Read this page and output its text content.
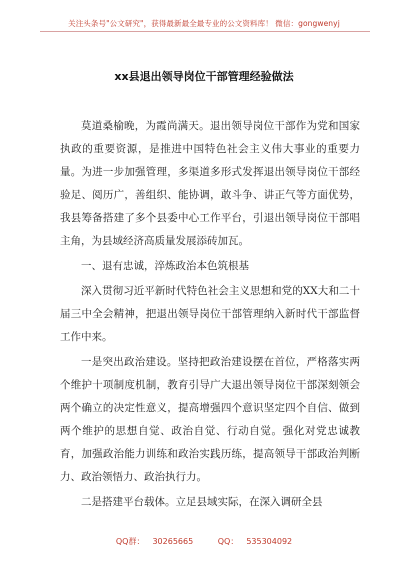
关注头条号"公文研究"，获得最新最全最专业的公文资料库！ 微信：gongwenyj
xx县退出领导岗位干部管理经验做法

莫道桑榆晚，为霞尚满天。退出领导岗位干部作为党和国家执政的重要资源，是推进中国特色社会主义伟大事业的重要力量。为进一步加强管理，多渠道多形式发挥退出领导岗位干部经验足、阅历广，善组织、能协调，敢斗争、讲正气等方面优势，我县筹备搭建了多个县委中心工作平台，引退出领导岗位干部唱主角，为县域经济高质量发展添砖加瓦。

一、退有忠诚，淬炼政治本色筑根基

深入贯彻习近平新时代特色社会主义思想和党的XX大和二十届三中全会精神，把退出领导岗位干部管理纳入新时代干部监督工作中来。

一是突出政治建设。坚持把政治建设摆在首位，严格落实两个维护十项制度机制，教育引导广大退出领导岗位干部深刻领会两个确立的决定性意义，提高增强四个意识坚定四个自信、做到两个维护的思想自觉、政治自觉、行动自觉。强化对党忠诚教育，加强政治能力训练和政治实践历练，提高领导干部政治判断力、政治领悟力、政治执行力。

二是搭建平台载体。立足县域实际，在深入调研全县

QQ群： 30265665	QQ： 535304092
